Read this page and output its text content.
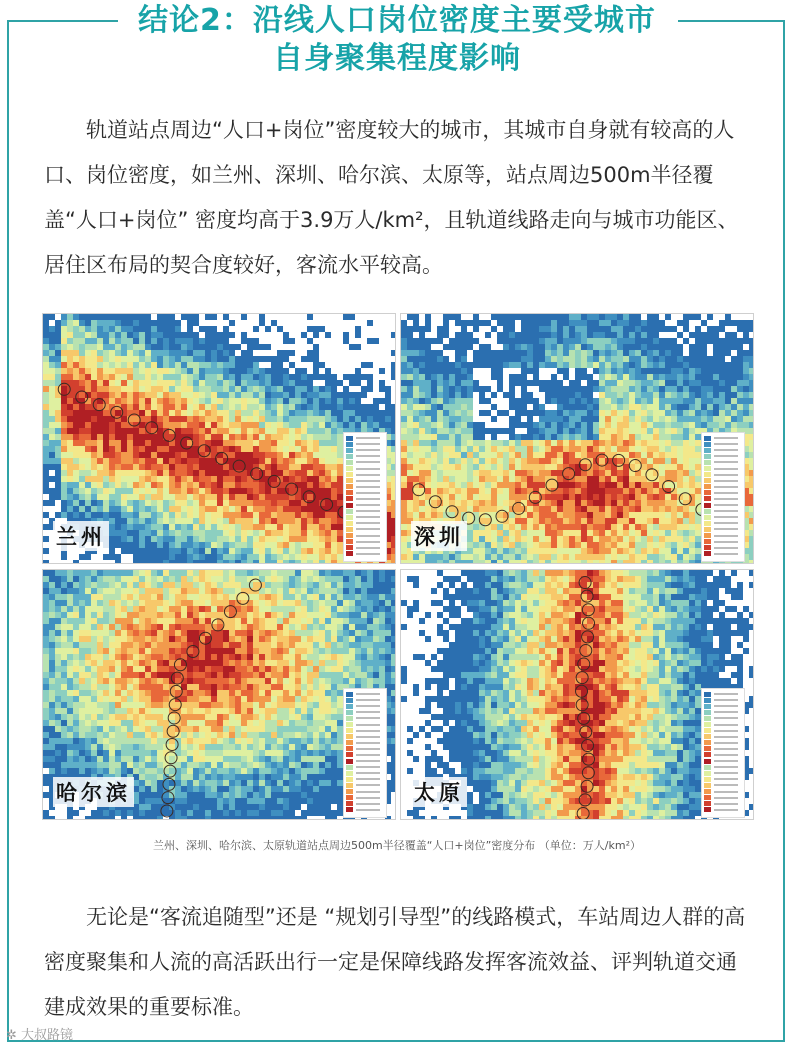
结论2：沿线人口岗位密度主要受城市
自身聚集程度影响

轨道站点周边“人口+岗位”密度较大的城市，其城市自身就有较高的人口、岗位密度，如兰州、深圳、哈尔滨、太原等，站点周边500m半径覆盖“人口+岗位” 密度均高于3.9万人/km²，且轨道线路走向与城市功能区、居住区布局的契合度较好，客流水平较高。

兰州	深圳
哈尔滨	太原
兰州、深圳、哈尔滨、太原轨道站点周边500m半径覆盖“人口+岗位”密度分布 （单位：万人/km²）

无论是“客流追随型”还是 “规划引导型”的线路模式，车站周边人群的高密度聚集和人流的高活跃出行一定是保障线路发挥客流效益、评判轨道交通建成效果的重要标准。

✲ 大叔路镜
